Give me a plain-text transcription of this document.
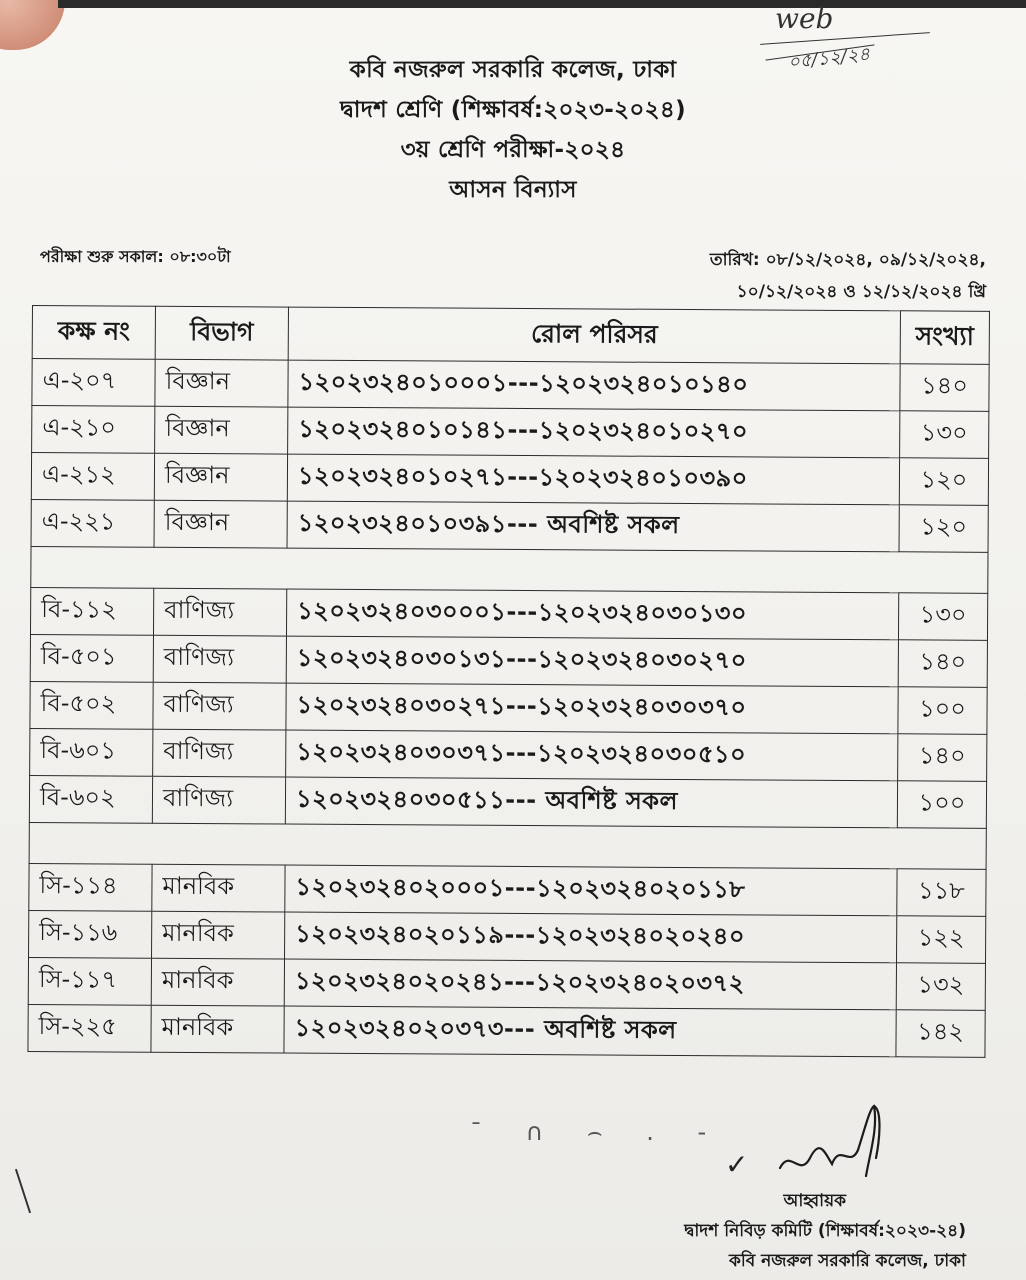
web
০৫/১২/২৪
কবি নজরুল সরকারি কলেজ, ঢাকা
দ্বাদশ শ্রেণি (শিক্ষাবর্ষ:২০২৩-২০২৪)
৩য় শ্রেণি পরীক্ষা-২০২৪
আসন বিন্যাস
পরীক্ষা শুরু সকাল: ০৮:৩০টা	তারিখ: ০৮/১২/২০২৪, ০৯/১২/২০২৪,
১০/১২/২০২৪ ও ১২/১২/২০২৪ খ্রি
কক্ষ নং	বিভাগ	রোল পরিসর	সংখ্যা
এ-২০৭	বিজ্ঞান	১২০২৩২৪০১০০০১---১২০২৩২৪০১০১৪০	১৪০
এ-২১০	বিজ্ঞান	১২০২৩২৪০১০১৪১---১২০২৩২৪০১০২৭০	১৩০
এ-২১২	বিজ্ঞান	১২০২৩২৪০১০২৭১---১২০২৩২৪০১০৩৯০	১২০
এ-২২১	বিজ্ঞান	১২০২৩২৪০১০৩৯১--- অবশিষ্ট সকল	১২০

বি-১১২	বাণিজ্য	১২০২৩২৪০৩০০০১---১২০২৩২৪০৩০১৩০	১৩০
বি-৫০১	বাণিজ্য	১২০২৩২৪০৩০১৩১---১২০২৩২৪০৩০২৭০	১৪০
বি-৫০২	বাণিজ্য	১২০২৩২৪০৩০২৭১---১২০২৩২৪০৩০৩৭০	১০০
বি-৬০১	বাণিজ্য	১২০২৩২৪০৩০৩৭১---১২০২৩২৪০৩০৫১০	১৪০
বি-৬০২	বাণিজ্য	১২০২৩২৪০৩০৫১১--- অবশিষ্ট সকল	১০০

সি-১১৪	মানবিক	১২০২৩২৪০২০০০১---১২০২৩২৪০২০১১৮	১১৮
সি-১১৬	মানবিক	১২০২৩২৪০২০১১৯---১২০২৩২৪০২০২৪০	১২২
সি-১১৭	মানবিক	১২০২৩২৪০২০২৪১---১২০২৩২৪০২০৩৭২	১৩২
সি-২২৫	মানবিক	১২০২৩২৪০২০৩৭৩--- অবশিষ্ট সকল	১৪২
ˉ ∩ ⌢ . -
✓
আহ্বায়ক
দ্বাদশ নিবিড় কমিটি (শিক্ষাবর্ষ:২০২৩-২৪)
কবি নজরুল সরকারি কলেজ, ঢাকা
